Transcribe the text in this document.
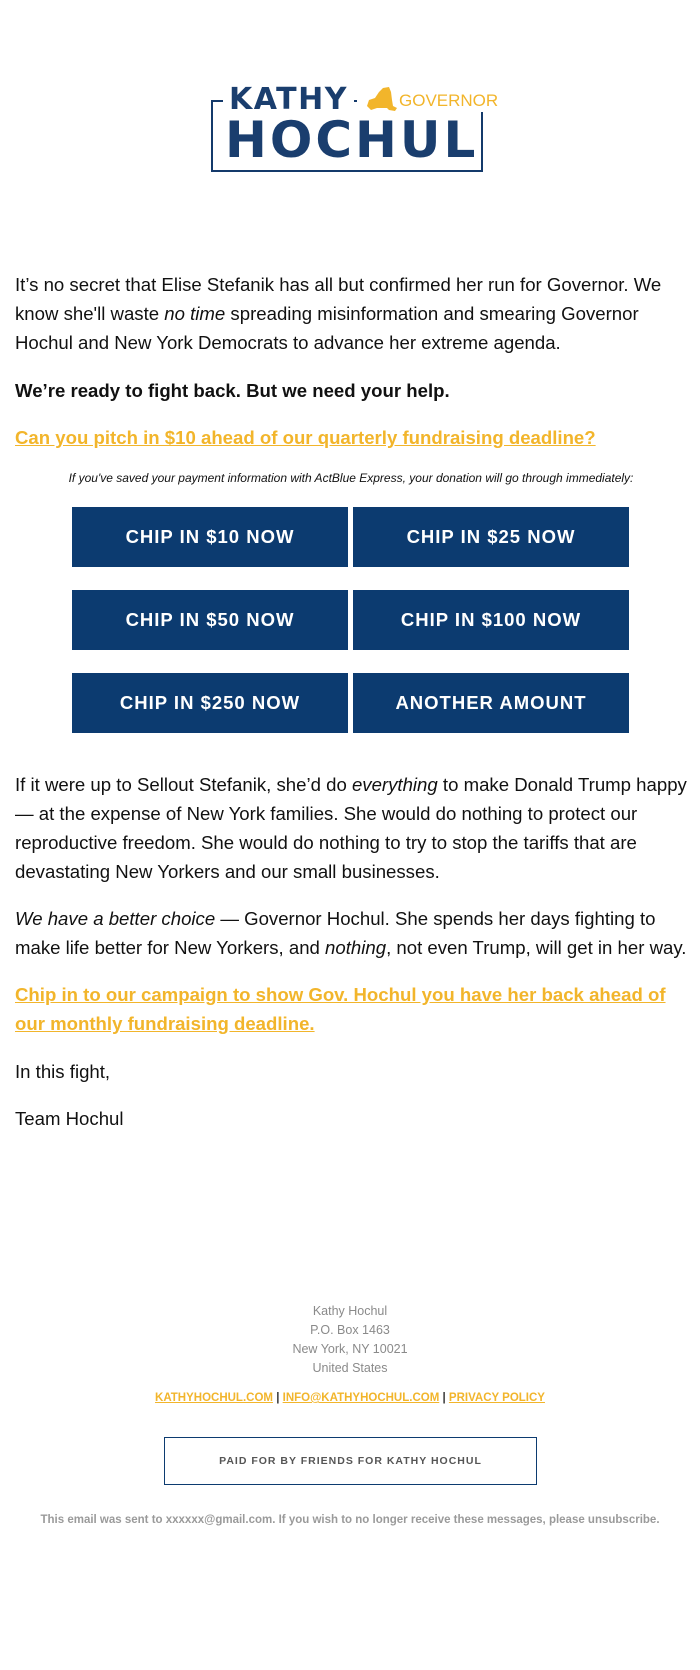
KATHY	GOVERNOR
HOCHUL

It’s no secret that Elise Stefanik has all but confirmed her run for Governor. We know she'll waste no time spreading misinformation and smearing Governor Hochul and New York Democrats to advance her extreme agenda.

We’re ready to fight back. But we need your help.

Can you pitch in $10 ahead of our quarterly fundraising deadline?

If you've saved your payment information with ActBlue Express, your donation will go through immediately:

CHIP IN $10 NOW	CHIP IN $25 NOW
CHIP IN $50 NOW	CHIP IN $100 NOW
CHIP IN $250 NOW	ANOTHER AMOUNT

If it were up to Sellout Stefanik, she’d do everything to make Donald Trump happy — at the expense of New York families. She would do nothing to protect our reproductive freedom. She would do nothing to try to stop the tariffs that are devastating New Yorkers and our small businesses.

We have a better choice — Governor Hochul. She spends her days fighting to make life better for New Yorkers, and nothing, not even Trump, will get in her way.

Chip in to our campaign to show Gov. Hochul you have her back ahead of our monthly fundraising deadline.

In this fight,

Team Hochul

Kathy Hochul
P.O. Box 1463
New York, NY 10021
United States
KATHYHOCHUL.COM | INFO@KATHYHOCHUL.COM | PRIVACY POLICY
PAID FOR BY FRIENDS FOR KATHY HOCHUL
This email was sent to xxxxxx@gmail.com. If you wish to no longer receive these messages, please unsubscribe.
